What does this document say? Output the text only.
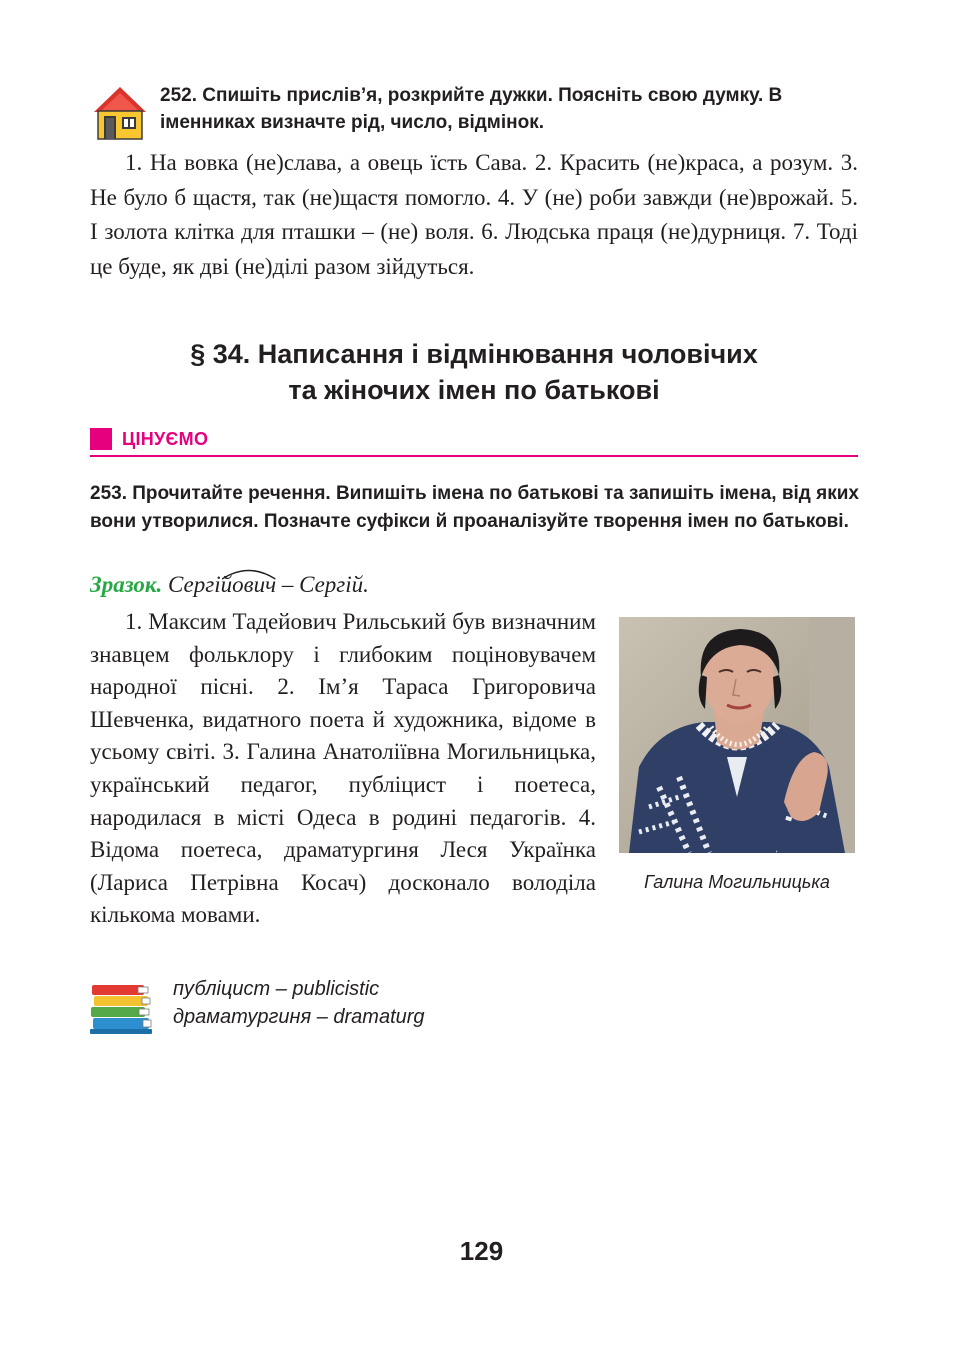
252. Спишіть прислів’я, розкрийте дужки. Поясніть свою думку. В іменниках визначте рід, число, відмінок.
1. На вовка (не)слава, а овець їсть Сава. 2. Красить (не)краса, а розум. 3. Не було б щастя, так (не)щастя помогло. 4. У (не) роби завжди (не)врожай. 5. І золота клітка для пташки – (не) воля. 6. Людська праця (не)дурниця. 7. Тоді це буде, як дві (не)ділі разом зійдуться.
§ 34. Написання і відмінювання чоловічих
та жіночих імен по батькові
ЦІНУЄМО
253. Прочитайте речення. Випишіть імена по батькові та запишіть імена, від яких вони утворилися. Позначте суфікси й проаналізуйте творення імен по батькові.
Зразок. Сергі
йович – Сергій.
1. Максим Тадейович Рильський був визначним знавцем фольклору і глибоким поціновувачем народної пісні. 2. Ім’я Тараса Григоровича Шевченка, видатного поета й художника, відоме в усьому світі. 3. Галина Анатоліївна Могильницька, український педагог, публіцист і поетеса, народилася в місті Одеса в родині педагогів. 4. Відома поетеса, драматургиня Леся Українка (Лариса Петрівна Косач) досконало володіла кількома мовами.
Галина Могильницька
публіцист – publicistic
драматургиня – dramaturg
129
